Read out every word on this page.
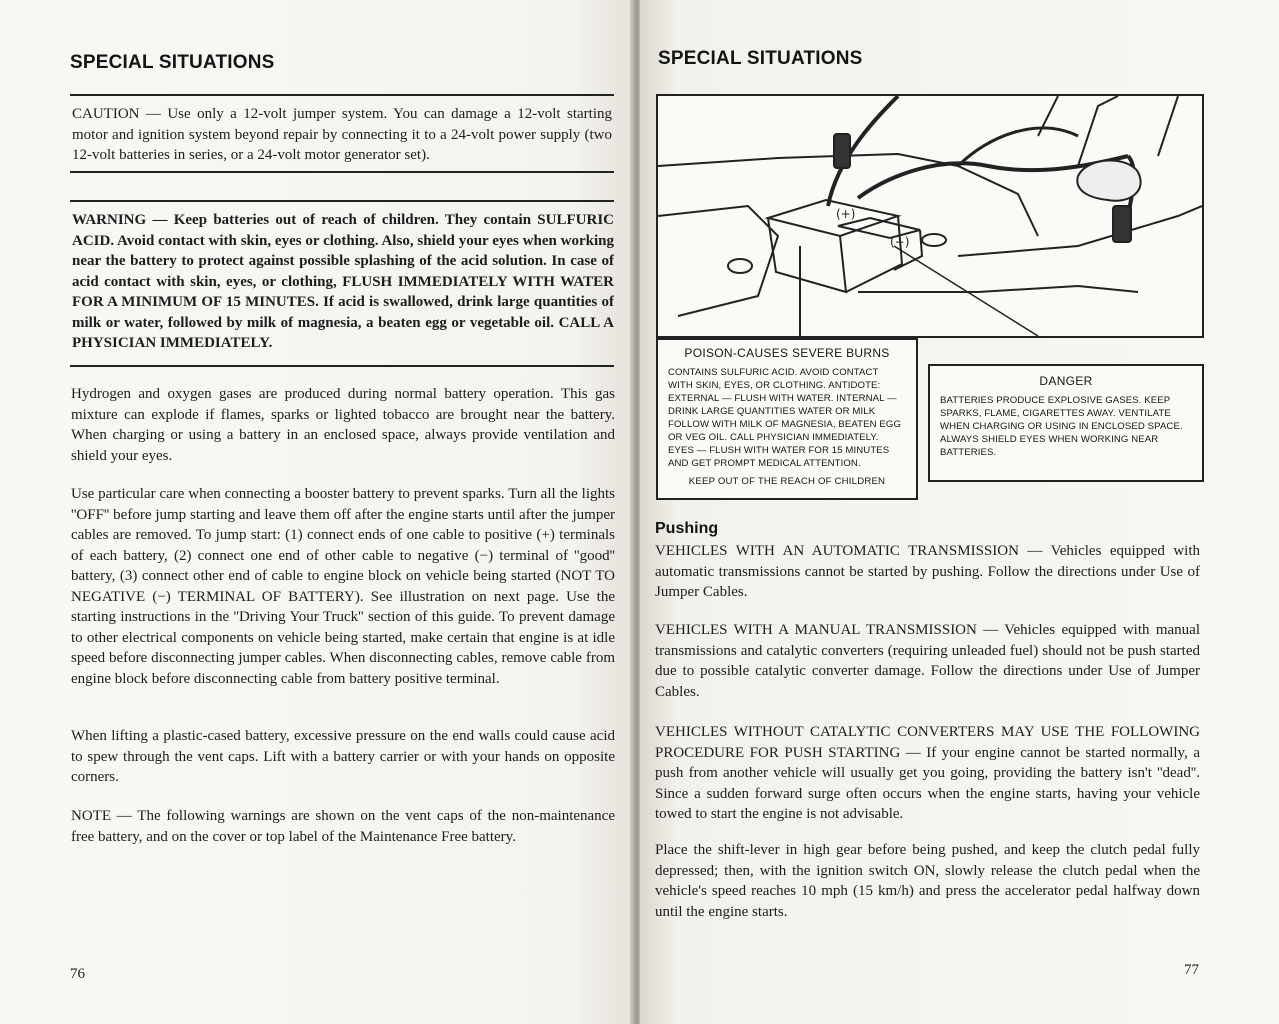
SPECIAL SITUATIONS

CAUTION — Use only a 12-volt jumper system. You can damage a 12-volt starting motor and ignition system beyond repair by connecting it to a 24-volt power supply (two 12-volt batteries in series, or a 24-volt motor generator set).

WARNING — Keep batteries out of reach of children. They contain SULFURIC ACID. Avoid contact with skin, eyes or clothing. Also, shield your eyes when working near the battery to protect against possible splashing of the acid solution. In case of acid contact with skin, eyes, or clothing, FLUSH IMMEDIATELY WITH WATER FOR A MINIMUM OF 15 MINUTES. If acid is swallowed, drink large quantities of milk or water, followed by milk of magnesia, a beaten egg or vegetable oil. CALL A PHYSICIAN IMMEDIATELY.

Hydrogen and oxygen gases are produced during normal battery operation. This gas mixture can explode if flames, sparks or lighted tobacco are brought near the battery. When charging or using a battery in an enclosed space, always provide ventilation and shield your eyes.

Use particular care when connecting a booster battery to prevent sparks. Turn all the lights ''OFF'' before jump starting and leave them off after the engine starts until after the jumper cables are removed. To jump start: (1) connect ends of one cable to positive (+) terminals of each battery, (2) connect one end of other cable to negative (−) terminal of ''good'' battery, (3) connect other end of cable to engine block on vehicle being started (NOT TO NEGATIVE (−) TERMINAL OF BATTERY). See illustration on next page. Use the starting instructions in the ''Driving Your Truck'' section of this guide. To prevent damage to other electrical components on vehicle being started, make certain that engine is at idle speed before disconnecting jumper cables. When disconnecting cables, remove cable from engine block before disconnecting cable from battery positive terminal.

When lifting a plastic-cased battery, excessive pressure on the end walls could cause acid to spew through the vent caps. Lift with a battery carrier or with your hands on opposite corners.

NOTE — The following warnings are shown on the vent caps of the non-maintenance free battery, and on the cover or top label of the Maintenance Free battery.

76
SPECIAL SITUATIONS
(+)
(−)
POISON-CAUSES SEVERE BURNS
CONTAINS SULFURIC ACID. AVOID CONTACT WITH SKIN, EYES, OR CLOTHING. ANTIDOTE: EXTERNAL — FLUSH WITH WATER. INTERNAL — DRINK LARGE QUANTITIES WATER OR MILK FOLLOW WITH MILK OF MAGNESIA, BEATEN EGG OR VEG OIL. CALL PHYSICIAN IMMEDIATELY. EYES — FLUSH WITH WATER FOR 15 MINUTES AND GET PROMPT MEDICAL ATTENTION.
KEEP OUT OF THE REACH OF CHILDREN
DANGER
BATTERIES PRODUCE EXPLOSIVE GASES. KEEP SPARKS, FLAME, CIGARETTES AWAY. VENTILATE WHEN CHARGING OR USING IN ENCLOSED SPACE. ALWAYS SHIELD EYES WHEN WORKING NEAR BATTERIES.
Pushing

VEHICLES WITH AN AUTOMATIC TRANSMISSION — Vehicles equipped with automatic transmissions cannot be started by pushing. Follow the directions under Use of Jumper Cables.

VEHICLES WITH A MANUAL TRANSMISSION — Vehicles equipped with manual transmissions and catalytic converters (requiring unleaded fuel) should not be push started due to possible catalytic converter damage. Follow the directions under Use of Jumper Cables.

VEHICLES WITHOUT CATALYTIC CONVERTERS MAY USE THE FOLLOWING PROCEDURE FOR PUSH STARTING — If your engine cannot be started normally, a push from another vehicle will usually get you going, providing the battery isn't ''dead''. Since a sudden forward surge often occurs when the engine starts, having your vehicle towed to start the engine is not advisable.

Place the shift-lever in high gear before being pushed, and keep the clutch pedal fully depressed; then, with the ignition switch ON, slowly release the clutch pedal when the vehicle's speed reaches 10 mph (15 km/h) and press the accelerator pedal halfway down until the engine starts.

77
